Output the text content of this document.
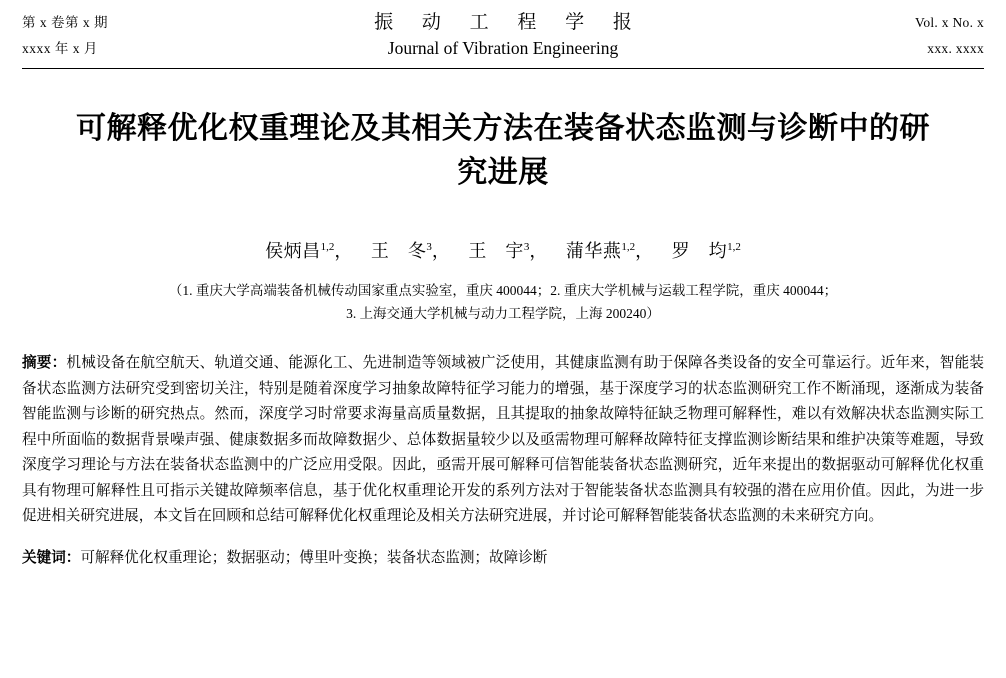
第 x 卷第 x 期
xxxx 年 x 月
振 动 工 程 学 报
Journal of Vibration Engineering
Vol. x No. x
xxx. xxxx
可解释优化权重理论及其相关方法在装备状态监测与诊断中的研究进展
侯炳昌$^{1,2}$， 王　冬$^3$， 王　宇$^3$， 蒲华燕$^{1,2}$， 罗　均$^{1,2}$
（1. 重庆大学高端装备机械传动国家重点实验室，重庆 400044；2. 重庆大学机械与运载工程学院，重庆 400044；
3. 上海交通大学机械与动力工程学院，上海 200240）
摘要：机械设备在航空航天、轨道交通、能源化工、先进制造等领域被广泛使用，其健康监测有助于保障各类设备的安全可靠运行。近年来，智能装备状态监测方法研究受到密切关注，特别是随着深度学习抽象故障特征学习能力的增强，基于深度学习的状态监测研究工作不断涌现，逐渐成为装备智能监测与诊断的研究热点。然而，深度学习时常要求海量高质量数据，且其提取的抽象故障特征缺乏物理可解释性，难以有效解决状态监测实际工程中所面临的数据背景噪声强、健康数据多而故障数据少、总体数据量较少以及亟需物理可解释故障特征支撑监测诊断结果和维护决策等难题，导致深度学习理论与方法在装备状态监测中的广泛应用受限。因此，亟需开展可解释可信智能装备状态监测研究，近年来提出的数据驱动可解释优化权重具有物理可解释性且可指示关键故障频率信息，基于优化权重理论开发的系列方法对于智能装备状态监测具有较强的潜在应用价值。因此，为进一步促进相关研究进展，本文旨在回顾和总结可解释优化权重理论及相关方法研究进展，并讨论可解释智能装备状态监测的未来研究方向。
关键词：可解释优化权重理论；数据驱动；傅里叶变换；装备状态监测；故障诊断
